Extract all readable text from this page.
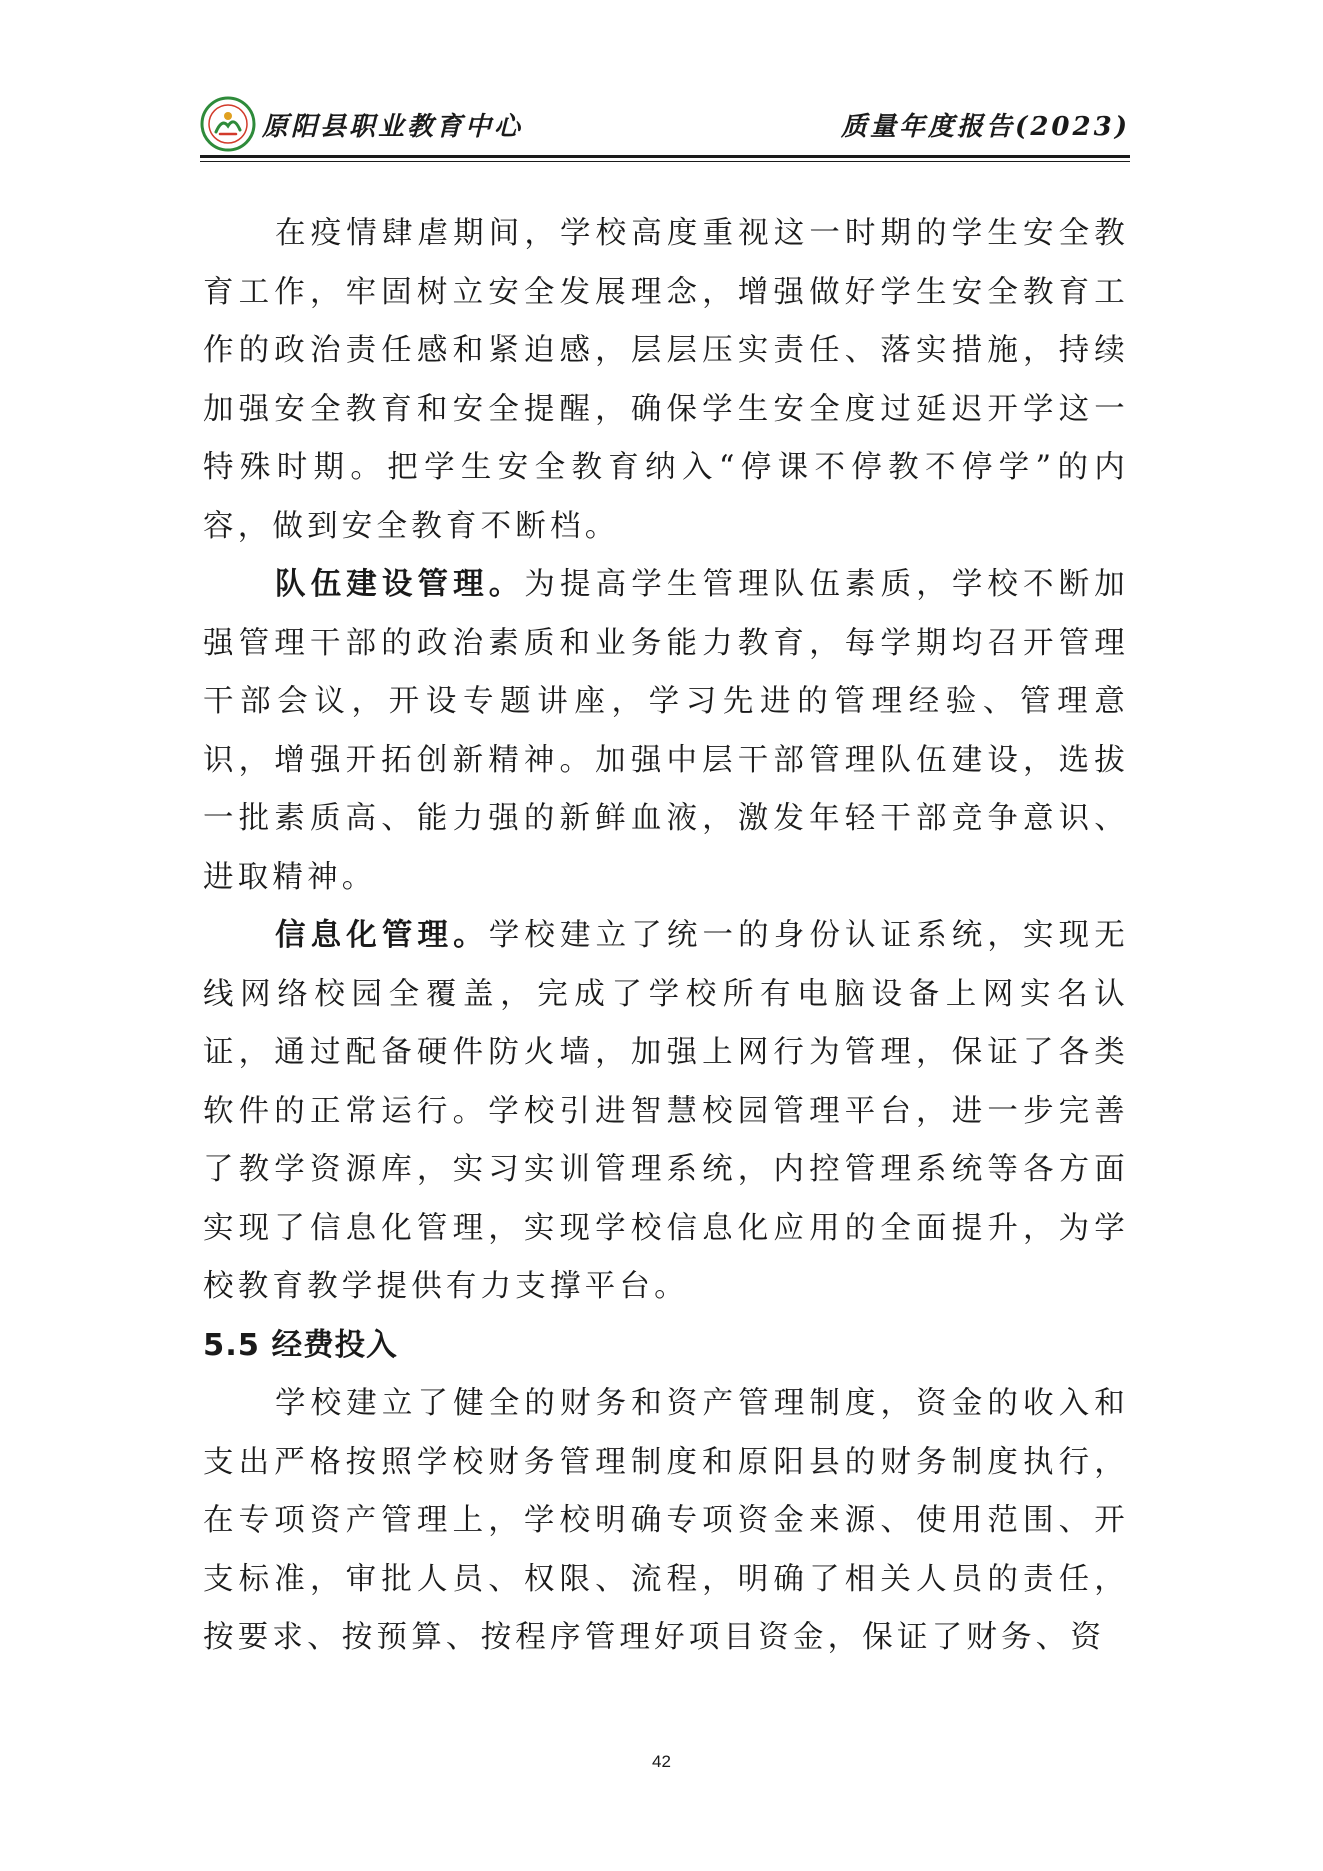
原阳县职业教育中心	质量年度报告(2023)

在疫情肆虐期间，学校高度重视这一时期的学生安全教育工作，牢固树立安全发展理念，增强做好学生安全教育工作的政治责任感和紧迫感，层层压实责任、落实措施，持续加强安全教育和安全提醒，确保学生安全度过延迟开学这一特殊时期。把学生安全教育纳入“停课不停教不停学”的内容，做到安全教育不断档。

队伍建设管理。为提高学生管理队伍素质，学校不断加强管理干部的政治素质和业务能力教育，每学期均召开管理干部会议，开设专题讲座，学习先进的管理经验、管理意识，增强开拓创新精神。加强中层干部管理队伍建设，选拔一批素质高、能力强的新鲜血液，激发年轻干部竞争意识、进取精神。

信息化管理。学校建立了统一的身份认证系统，实现无线网络校园全覆盖，完成了学校所有电脑设备上网实名认证，通过配备硬件防火墙，加强上网行为管理，保证了各类软件的正常运行。学校引进智慧校园管理平台，进一步完善了教学资源库，实习实训管理系统，内控管理系统等各方面实现了信息化管理，实现学校信息化应用的全面提升，为学校教育教学提供有力支撑平台。

5.5 经费投入

学校建立了健全的财务和资产管理制度，资金的收入和支出严格按照学校财务管理制度和原阳县的财务制度执行，在专项资产管理上，学校明确专项资金来源、使用范围、开支标准，审批人员、权限、流程，明确了相关人员的责任，按要求、按预算、按程序管理好项目资金，保证了财务、资

42
